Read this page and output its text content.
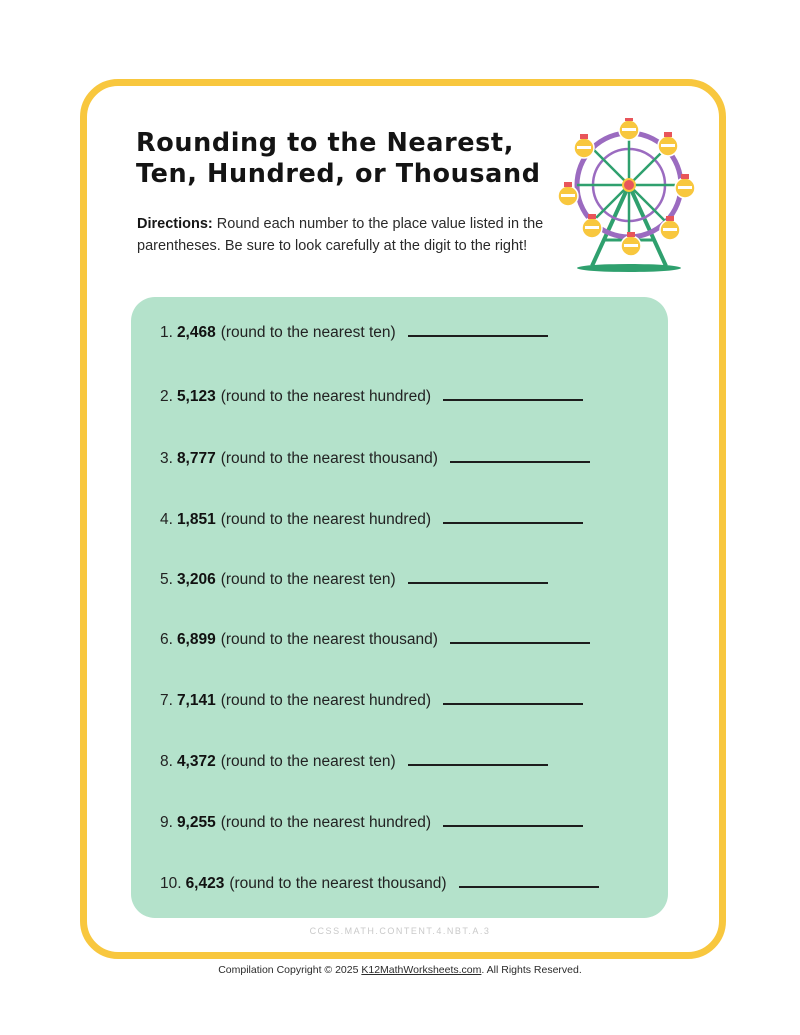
Rounding to the Nearest,
Ten, Hundred, or Thousand

Directions: Round each number to the place value listed in the parentheses. Be sure to look carefully at the digit to the right!

1. 2,468 (round to the nearest ten)
2. 5,123 (round to the nearest hundred)
3. 8,777 (round to the nearest thousand)
4. 1,851 (round to the nearest hundred)
5. 3,206 (round to the nearest ten)
6. 6,899 (round to the nearest thousand)
7. 7,141 (round to the nearest hundred)
8. 4,372 (round to the nearest ten)
9. 9,255 (round to the nearest hundred)
10. 6,423 (round to the nearest thousand)
CCSS.MATH.CONTENT.4.NBT.A.3
Compilation Copyright © 2025 K12MathWorksheets.com. All Rights Reserved.
